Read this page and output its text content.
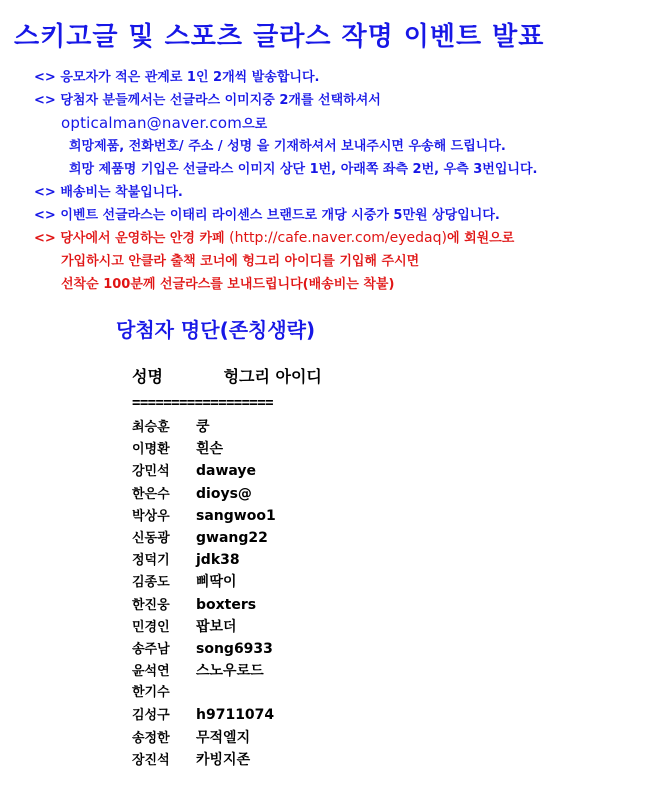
스키고글 및 스포츠 글라스 작명 이벤트 발표
<> 응모자가 적은 관계로 1인 2개씩 발송합니다.
<> 당첨자 분들께서는 선글라스 이미지중 2개를 선택하셔서
opticalman@naver.com으로
희망제품, 전화번호/ 주소 / 성명 을 기재하셔서 보내주시면 우송해 드립니다.
희망 제품명 기입은 선글라스 이미지 상단 1번, 아래쪽 좌측 2번, 우측 3번입니다.
<> 배송비는 착불입니다.
<> 이벤트 선글라스는 이태리 라이센스 브랜드로 개당 시중가 5만원 상당입니다.
<> 당사에서 운영하는 안경 카페 (http://cafe.naver.com/eyedaq)에 회원으로
가입하시고 안클라 출책 코너에 헝그리 아이디를 기입해 주시면
선착순 100분께 선글라스를 보내드립니다(배송비는 착불)
당첨자 명단(존칭생략)
성명	헝그리 아이디
==================
최승훈 쿵
이명환 흰손
강민석 dawaye
한은수 dioys@
박상우 sangwoo1
신동광 gwang22
정덕기 jdk38
김종도 삐딱이
한진웅 boxters
민경인 팝보더
송주남 song6933
윤석연 스노우로드
한기수
김성구 h9711074
송정한 무적엘지
장진석 카빙지존
